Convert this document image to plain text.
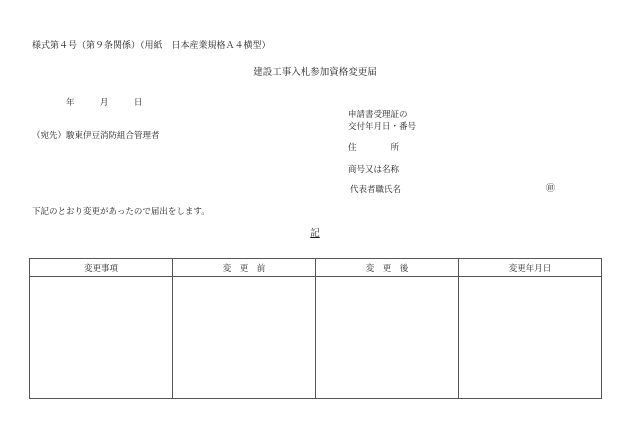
様式第４号（第９条関係）（用紙　日本産業規格Ａ４横型）
建設工事入札参加資格変更届
年	月	日
（宛先）駿東伊豆消防組合管理者
申請書受理証の
交付年月日・番号
住　　　　所
商号又は名称
代表者職氏名	㊞
下記のとおり変更があったので届出をします。
記
変更事項	変　更　前	変　更　後	変更年月日
